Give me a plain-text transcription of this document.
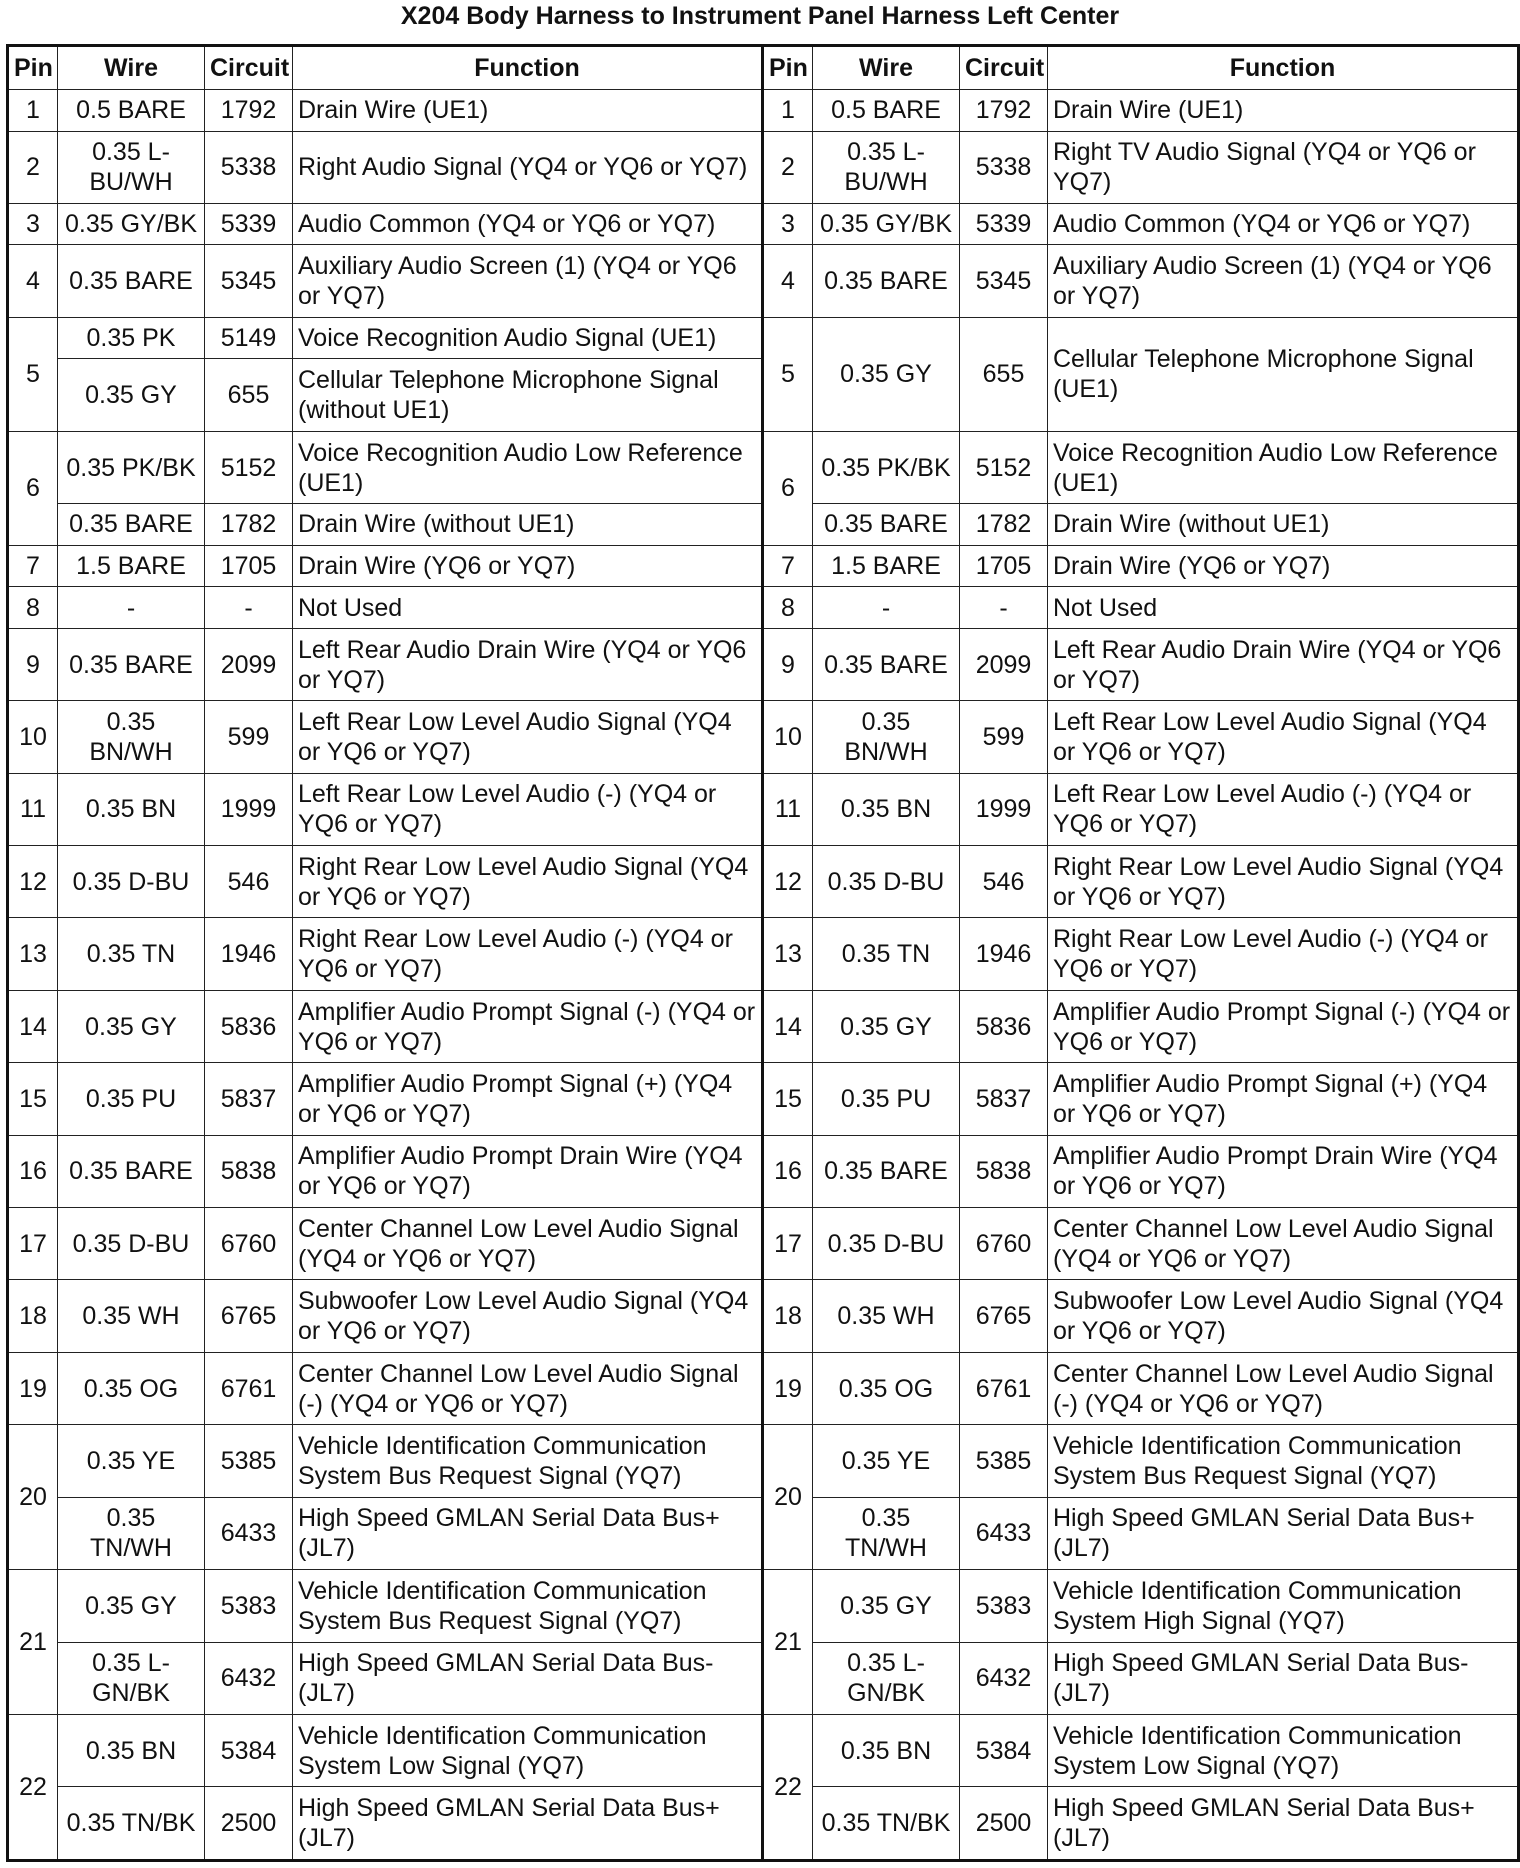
X204 Body Harness to Instrument Panel Harness Left Center
Pin	Wire	Circuit	Function	Pin	Wire	Circuit	Function
1	0.5 BARE	1792	Drain Wire (UE1)	1	0.5 BARE	1792	Drain Wire (UE1)
2	0.35 L-BU/WH	5338	Right Audio Signal (YQ4 or YQ6 or YQ7)	2	0.35 L-BU/WH	5338	Right TV Audio Signal (YQ4 or YQ6 or YQ7)
3	0.35 GY/BK	5339	Audio Common (YQ4 or YQ6 or YQ7)	3	0.35 GY/BK	5339	Audio Common (YQ4 or YQ6 or YQ7)
4	0.35 BARE	5345	Auxiliary Audio Screen (1) (YQ4 or YQ6 or YQ7)	4	0.35 BARE	5345	Auxiliary Audio Screen (1) (YQ4 or YQ6 or YQ7)
5	0.35 PK	5149	Voice Recognition Audio Signal (UE1)	5	0.35 GY	655	Cellular Telephone Microphone Signal (UE1)
	0.35 GY	655	Cellular Telephone Microphone Signal (without UE1)				
6	0.35 PK/BK	5152	Voice Recognition Audio Low Reference (UE1)	6	0.35 PK/BK	5152	Voice Recognition Audio Low Reference (UE1)
	0.35 BARE	1782	Drain Wire (without UE1)		0.35 BARE	1782	Drain Wire (without UE1)
7	1.5 BARE	1705	Drain Wire (YQ6 or YQ7)	7	1.5 BARE	1705	Drain Wire (YQ6 or YQ7)
8	-	-	Not Used	8	-	-	Not Used
9	0.35 BARE	2099	Left Rear Audio Drain Wire (YQ4 or YQ6 or YQ7)	9	0.35 BARE	2099	Left Rear Audio Drain Wire (YQ4 or YQ6 or YQ7)
10	0.35 BN/WH	599	Left Rear Low Level Audio Signal (YQ4 or YQ6 or YQ7)	10	0.35 BN/WH	599	Left Rear Low Level Audio Signal (YQ4 or YQ6 or YQ7)
11	0.35 BN	1999	Left Rear Low Level Audio (-) (YQ4 or YQ6 or YQ7)	11	0.35 BN	1999	Left Rear Low Level Audio (-) (YQ4 or YQ6 or YQ7)
12	0.35 D-BU	546	Right Rear Low Level Audio Signal (YQ4 or YQ6 or YQ7)	12	0.35 D-BU	546	Right Rear Low Level Audio Signal (YQ4 or YQ6 or YQ7)
13	0.35 TN	1946	Right Rear Low Level Audio (-) (YQ4 or YQ6 or YQ7)	13	0.35 TN	1946	Right Rear Low Level Audio (-) (YQ4 or YQ6 or YQ7)
14	0.35 GY	5836	Amplifier Audio Prompt Signal (-) (YQ4 or YQ6 or YQ7)	14	0.35 GY	5836	Amplifier Audio Prompt Signal (-) (YQ4 or YQ6 or YQ7)
15	0.35 PU	5837	Amplifier Audio Prompt Signal (+) (YQ4 or YQ6 or YQ7)	15	0.35 PU	5837	Amplifier Audio Prompt Signal (+) (YQ4 or YQ6 or YQ7)
16	0.35 BARE	5838	Amplifier Audio Prompt Drain Wire (YQ4 or YQ6 or YQ7)	16	0.35 BARE	5838	Amplifier Audio Prompt Drain Wire (YQ4 or YQ6 or YQ7)
17	0.35 D-BU	6760	Center Channel Low Level Audio Signal (YQ4 or YQ6 or YQ7)	17	0.35 D-BU	6760	Center Channel Low Level Audio Signal (YQ4 or YQ6 or YQ7)
18	0.35 WH	6765	Subwoofer Low Level Audio Signal (YQ4 or YQ6 or YQ7)	18	0.35 WH	6765	Subwoofer Low Level Audio Signal (YQ4 or YQ6 or YQ7)
19	0.35 OG	6761	Center Channel Low Level Audio Signal (-) (YQ4 or YQ6 or YQ7)	19	0.35 OG	6761	Center Channel Low Level Audio Signal (-) (YQ4 or YQ6 or YQ7)
20	0.35 YE	5385	Vehicle Identification Communication System Bus Request Signal (YQ7)	20	0.35 YE	5385	Vehicle Identification Communication System Bus Request Signal (YQ7)
	0.35 TN/WH	6433	High Speed GMLAN Serial Data Bus+ (JL7)		0.35 TN/WH	6433	High Speed GMLAN Serial Data Bus+ (JL7)
21	0.35 GY	5383	Vehicle Identification Communication System Bus Request Signal (YQ7)	21	0.35 GY	5383	Vehicle Identification Communication System High Signal (YQ7)
	0.35 L-GN/BK	6432	High Speed GMLAN Serial Data Bus- (JL7)		0.35 L-GN/BK	6432	High Speed GMLAN Serial Data Bus- (JL7)
22	0.35 BN	5384	Vehicle Identification Communication System Low Signal (YQ7)	22	0.35 BN	5384	Vehicle Identification Communication System Low Signal (YQ7)
	0.35 TN/BK	2500	High Speed GMLAN Serial Data Bus+ (JL7)		0.35 TN/BK	2500	High Speed GMLAN Serial Data Bus+ (JL7)
